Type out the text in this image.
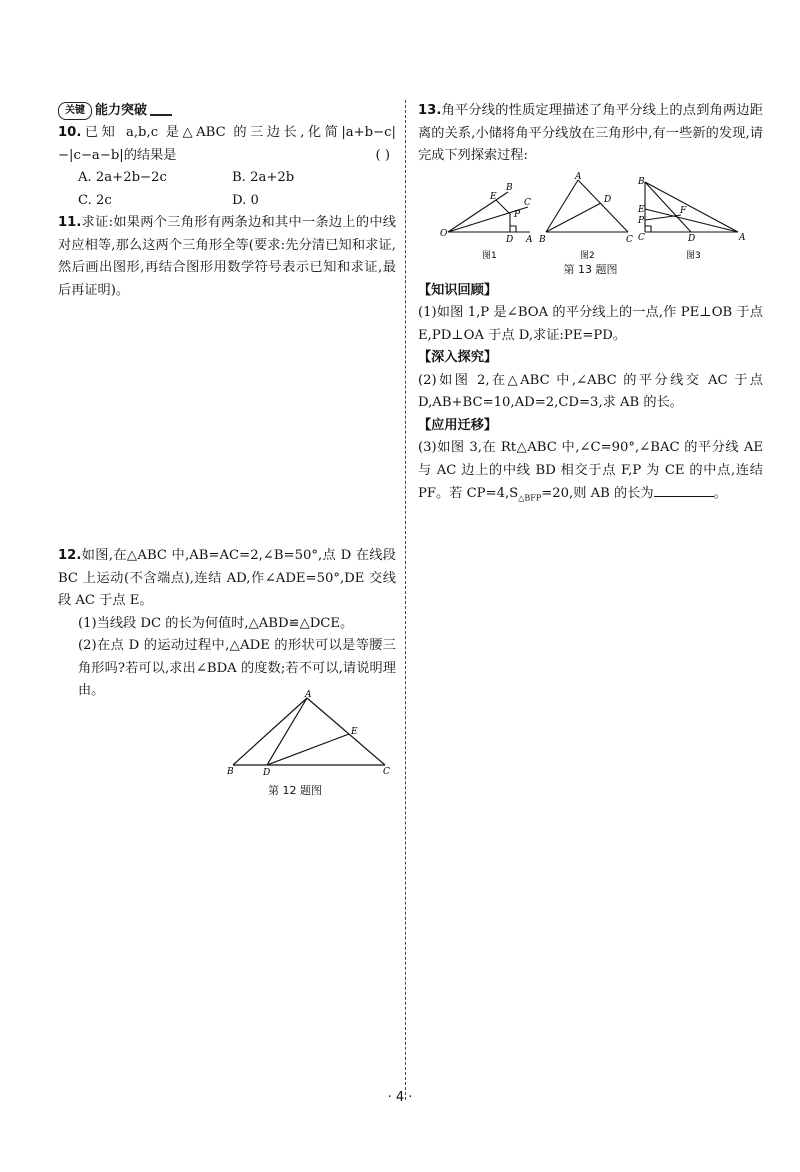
关键 能力突破

10.已知 a,b,c 是△ABC 的三边长,化简|a+b−c|−|c−a−b|的结果是	( )

A. 2a+2b−2c	B. 2a+2b
C. 2c	D. 0

11.求证:如果两个三角形有两条边和其中一条边上的中线对应相等,那么这两个三角形全等(要求:先分清已知和求证,然后画出图形,再结合图形用数学符号表示已知和求证,最后再证明)。

12.如图,在△ABC 中,AB=AC=2,∠B=50°,点 D 在线段 BC 上运动(不含端点),连结 AD,作∠ADE=50°,DE 交线段 AC 于点 E。

(1)当线段 DC 的长为何值时,△ABD≌△DCE。

(2)在点 D 的运动过程中,△ADE 的形状可以是等腰三角形吗?若可以,求出∠BDA 的度数;若不可以,请说明理由。	A
B	C
D
E
第 12 题图

13.角平分线的性质定理描述了角平分线上的点到角两边距离的关系,小储将角平分线放在三角形中,有一些新的发现,请完成下列探索过程:

O
E
B
C
P
D A
A
D
B	C
B
E
P
C
F
D	A
图1	图2	图3
第 13 题图
【知识回顾】

(1)如图 1,P 是∠BOA 的平分线上的一点,作 PE⊥OB 于点 E,PD⊥OA 于点 D,求证:PE=PD。

【深入探究】

(2)如图 2,在△ABC 中,∠ABC 的平分线交 AC 于点 D,AB+BC=10,AD=2,CD=3,求 AB 的长。

【应用迁移】

(3)如图 3,在 Rt△ABC 中,∠C=90°,∠BAC 的平分线 AE 与 AC 边上的中线 BD 相交于点 F,P 为 CE 的中点,连结 PF。若 $CP=4,S_{\triangle BFP}=20$,则 AB 的长为	。

· 4 ·
